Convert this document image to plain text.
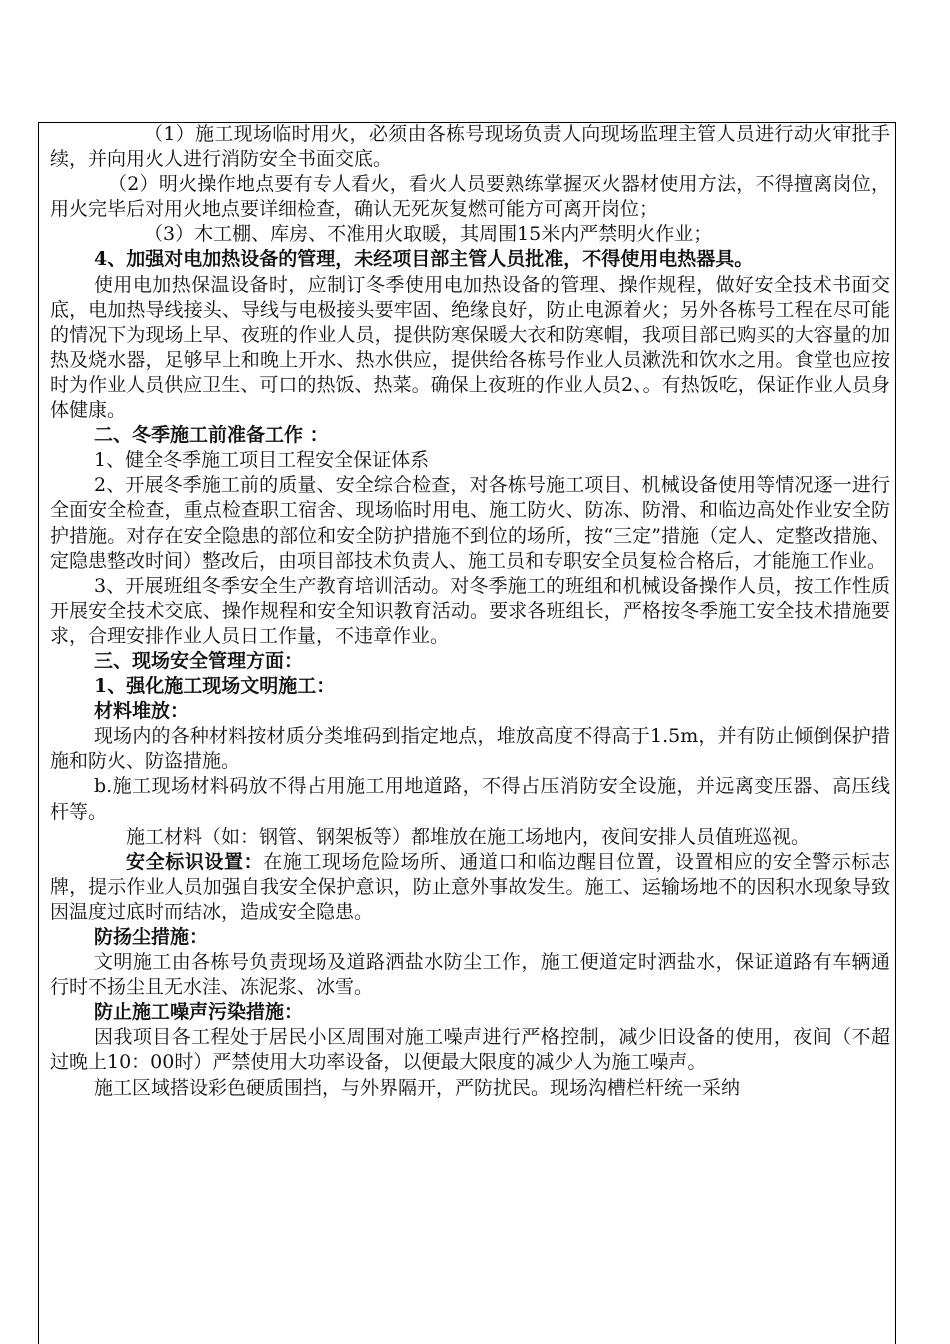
（1）施工现场临时用火，必须由各栋号现场负责人向现场监理主管人员进行动火审批手续，并向用火人进行消防安全书面交底。

（2）明火操作地点要有专人看火，看火人员要熟练掌握灭火器材使用方法，不得擅离岗位，用火完毕后对用火地点要详细检查，确认无死灰复燃可能方可离开岗位；

（3）木工棚、库房、不准用火取暖，其周围15米内严禁明火作业；

4、加强对电加热设备的管理，未经项目部主管人员批准，不得使用电热器具。

使用电加热保温设备时，应制订冬季使用电加热设备的管理、操作规程，做好安全技术书面交底，电加热导线接头、导线与电极接头要牢固、绝缘良好，防止电源着火；另外各栋号工程在尽可能的情况下为现场上早、夜班的作业人员，提供防寒保暖大衣和防寒帽，我项目部已购买的大容量的加热及烧水器，足够早上和晚上开水、热水供应，提供给各栋号作业人员漱洗和饮水之用。食堂也应按时为作业人员供应卫生、可口的热饭、热菜。确保上夜班的作业人员2、。有热饭吃，保证作业人员身体健康。

二、冬季施工前准备工作 ：

1、健全冬季施工项目工程安全保证体系

2、开展冬季施工前的质量、安全综合检查，对各栋号施工项目、机械设备使用等情况逐一进行全面安全检查，重点检查职工宿舍、现场临时用电、施工防火、防冻、防滑、和临边高处作业安全防护措施。对存在安全隐患的部位和安全防护措施不到位的场所，按“三定”措施（定人、定整改措施、定隐患整改时间）整改后，由项目部技术负责人、施工员和专职安全员复检合格后，才能施工作业。

3、开展班组冬季安全生产教育培训活动。对冬季施工的班组和机械设备操作人员，按工作性质开展安全技术交底、操作规程和安全知识教育活动。要求各班组长，严格按冬季施工安全技术措施要求，合理安排作业人员日工作量，不违章作业。

三、现场安全管理方面：

1、强化施工现场文明施工：

材料堆放：

现场内的各种材料按材质分类堆码到指定地点，堆放高度不得高于1.5m，并有防止倾倒保护措施和防火、防盗措施。

b.施工现场材料码放不得占用施工用地道路，不得占压消防安全设施，并远离变压器、高压线杆等。

施工材料（如：钢管、钢架板等）都堆放在施工场地内，夜间安排人员值班巡视。

安全标识设置：在施工现场危险场所、通道口和临边醒目位置，设置相应的安全警示标志牌，提示作业人员加强自我安全保护意识，防止意外事故发生。施工、运输场地不的因积水现象导致因温度过底时而结冰，造成安全隐患。

防扬尘措施：

文明施工由各栋号负责现场及道路洒盐水防尘工作，施工便道定时洒盐水，保证道路有车辆通行时不扬尘且无水洼、冻泥浆、冰雪。

防止施工噪声污染措施：

因我项目各工程处于居民小区周围对施工噪声进行严格控制，减少旧设备的使用，夜间（不超过晚上10：00时）严禁使用大功率设备，以便最大限度的减少人为施工噪声。

施工区域搭设彩色硬质围挡，与外界隔开，严防扰民。现场沟槽栏杆统一采纳
